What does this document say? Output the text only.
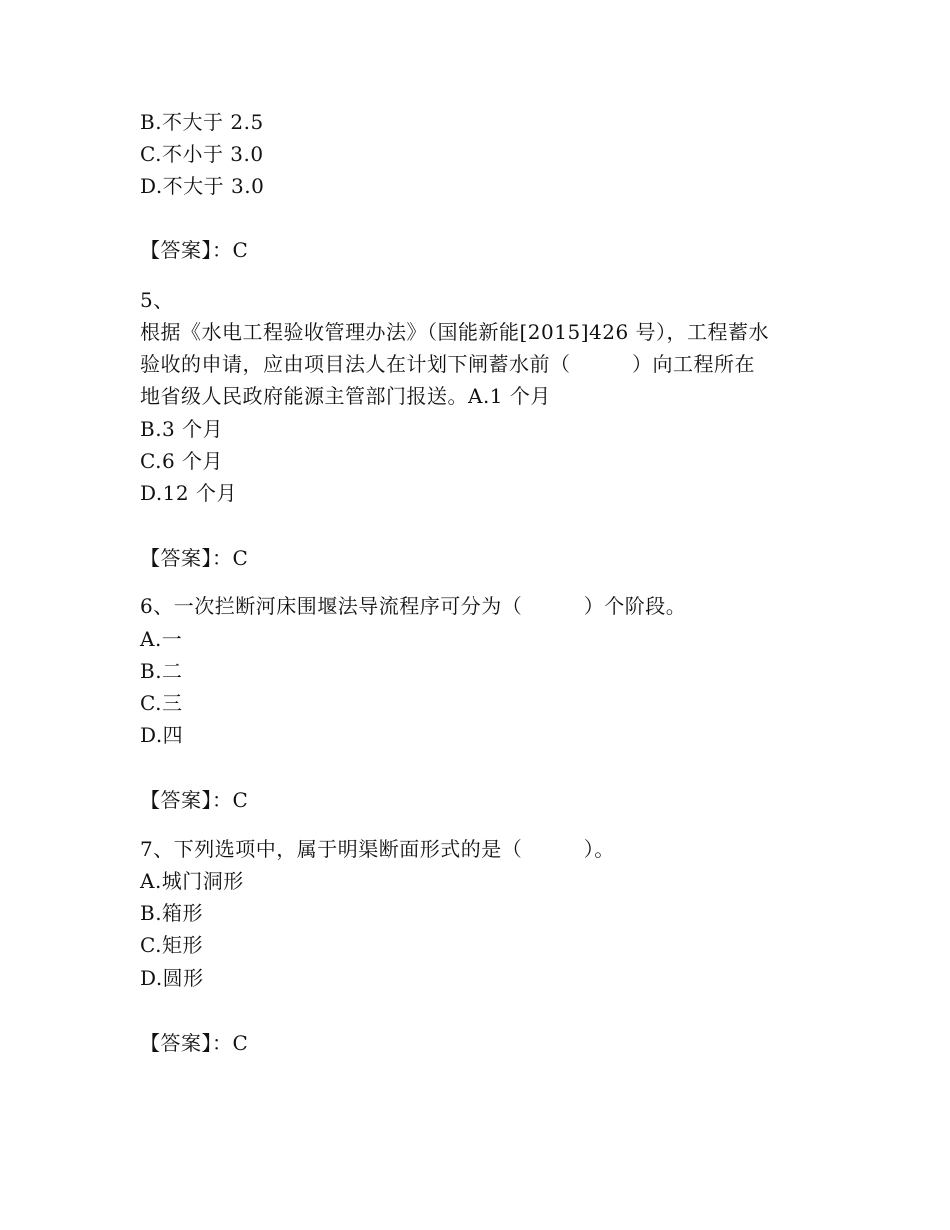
B.不大于 2.5
C.不小于 3.0
D.不大于 3.0
【答案】：C
5、
根据《水电工程验收管理办法》（国能新能[2015]426 号），工程蓄水
验收的申请，应由项目法人在计划下闸蓄水前（　　　）向工程所在
地省级人民政府能源主管部门报送。A.1 个月
B.3 个月
C.6 个月
D.12 个月
【答案】：C
6、一次拦断河床围堰法导流程序可分为（　　　）个阶段。
A.一
B.二
C.三
D.四
【答案】：C
7、下列选项中，属于明渠断面形式的是（　　　）。
A.城门洞形
B.箱形
C.矩形
D.圆形
【答案】：C
